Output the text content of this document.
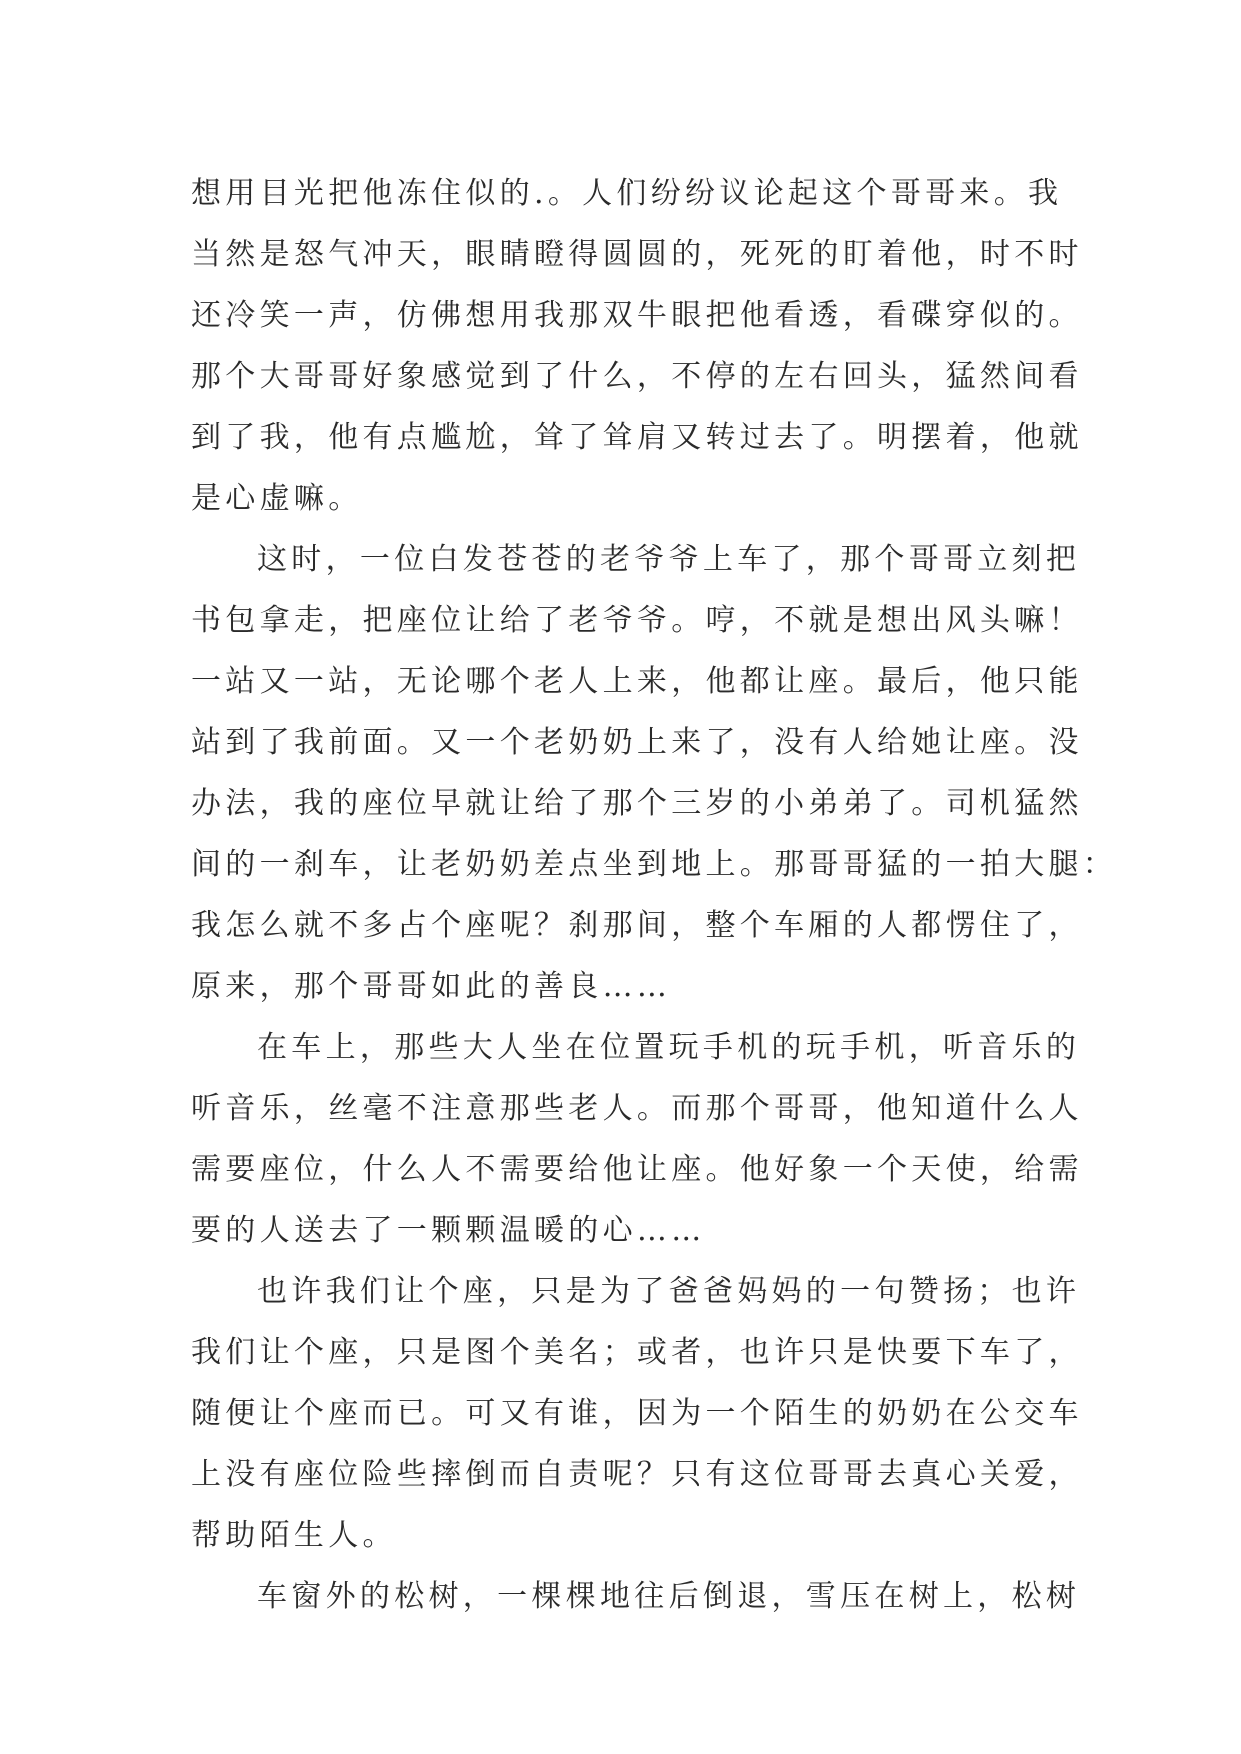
想用目光把他冻住似的.。人们纷纷议论起这个哥哥来。我
当然是怒气冲天，眼睛瞪得圆圆的，死死的盯着他，时不时
还冷笑一声，仿佛想用我那双牛眼把他看透，看碟穿似的。
那个大哥哥好象感觉到了什么，不停的左右回头，猛然间看
到了我，他有点尴尬，耸了耸肩又转过去了。明摆着，他就
是心虚嘛。

这时，一位白发苍苍的老爷爷上车了，那个哥哥立刻把
书包拿走，把座位让给了老爷爷。哼，不就是想出风头嘛！
一站又一站，无论哪个老人上来，他都让座。最后，他只能
站到了我前面。又一个老奶奶上来了，没有人给她让座。没
办法，我的座位早就让给了那个三岁的小弟弟了。司机猛然
间的一刹车，让老奶奶差点坐到地上。那哥哥猛的一拍大腿：
我怎么就不多占个座呢？刹那间，整个车厢的人都愣住了，
原来，那个哥哥如此的善良……

在车上，那些大人坐在位置玩手机的玩手机，听音乐的
听音乐，丝毫不注意那些老人。而那个哥哥，他知道什么人
需要座位，什么人不需要给他让座。他好象一个天使，给需
要的人送去了一颗颗温暖的心……

也许我们让个座，只是为了爸爸妈妈的一句赞扬；也许
我们让个座，只是图个美名；或者，也许只是快要下车了，
随便让个座而已。可又有谁，因为一个陌生的奶奶在公交车
上没有座位险些摔倒而自责呢？只有这位哥哥去真心关爱，
帮助陌生人。

车窗外的松树，一棵棵地往后倒退，雪压在树上，松树
